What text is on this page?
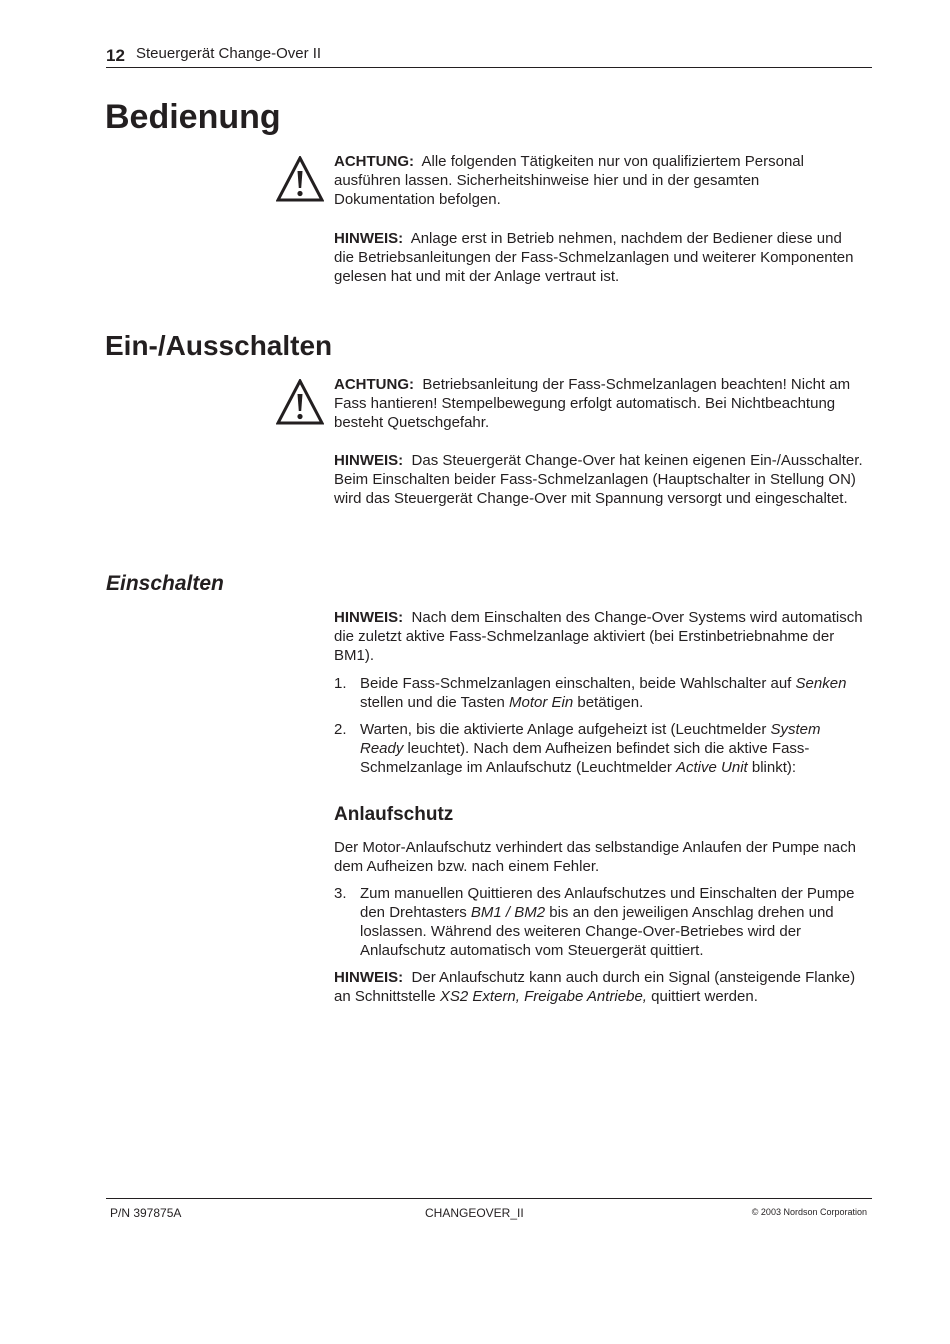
12 Steuergerät Change-Over II
Bedienung

ACHTUNG: Alle folgenden Tätigkeiten nur von qualifiziertem Personal ausführen lassen. Sicherheitshinweise hier und in der gesamten Dokumentation befolgen.

HINWEIS: Anlage erst in Betrieb nehmen, nachdem der Bediener diese und die Betriebsanleitungen der Fass-Schmelzanlagen und weiterer Komponenten gelesen hat und mit der Anlage vertraut ist.

Ein-/Ausschalten

ACHTUNG: Betriebsanleitung der Fass-Schmelzanlagen beachten! Nicht am Fass hantieren! Stempelbewegung erfolgt automatisch. Bei Nichtbeachtung besteht Quetschgefahr.

HINWEIS: Das Steuergerät Change-Over hat keinen eigenen Ein-/Ausschalter. Beim Einschalten beider Fass-Schmelzanlagen (Hauptschalter in Stellung ON) wird das Steuergerät Change-Over mit Spannung versorgt und eingeschaltet.

Einschalten

HINWEIS: Nach dem Einschalten des Change-Over Systems wird automatisch die zuletzt aktive Fass-Schmelzanlage aktiviert (bei Erstinbetriebnahme der BM1).

1. Beide Fass-Schmelzanlagen einschalten, beide Wahlschalter auf Senken stellen und die Tasten Motor Ein betätigen.

2. Warten, bis die aktivierte Anlage aufgeheizt ist (Leuchtmelder System Ready leuchtet). Nach dem Aufheizen befindet sich die aktive Fass-Schmelzanlage im Anlaufschutz (Leuchtmelder Active Unit blinkt):

Anlaufschutz

Der Motor-Anlaufschutz verhindert das selbstandige Anlaufen der Pumpe nach dem Aufheizen bzw. nach einem Fehler.

3. Zum manuellen Quittieren des Anlaufschutzes und Einschalten der Pumpe den Drehtasters BM1 / BM2 bis an den jeweiligen Anschlag drehen und loslassen. Während des weiteren Change-Over-Betriebes wird der Anlaufschutz automatisch vom Steuergerät quittiert.

HINWEIS: Der Anlaufschutz kann auch durch ein Signal (ansteigende Flanke) an Schnittstelle XS2 Extern, Freigabe Antriebe, quittiert werden.

P/N 397875A	CHANGEOVER_II	© 2003 Nordson Corporation
